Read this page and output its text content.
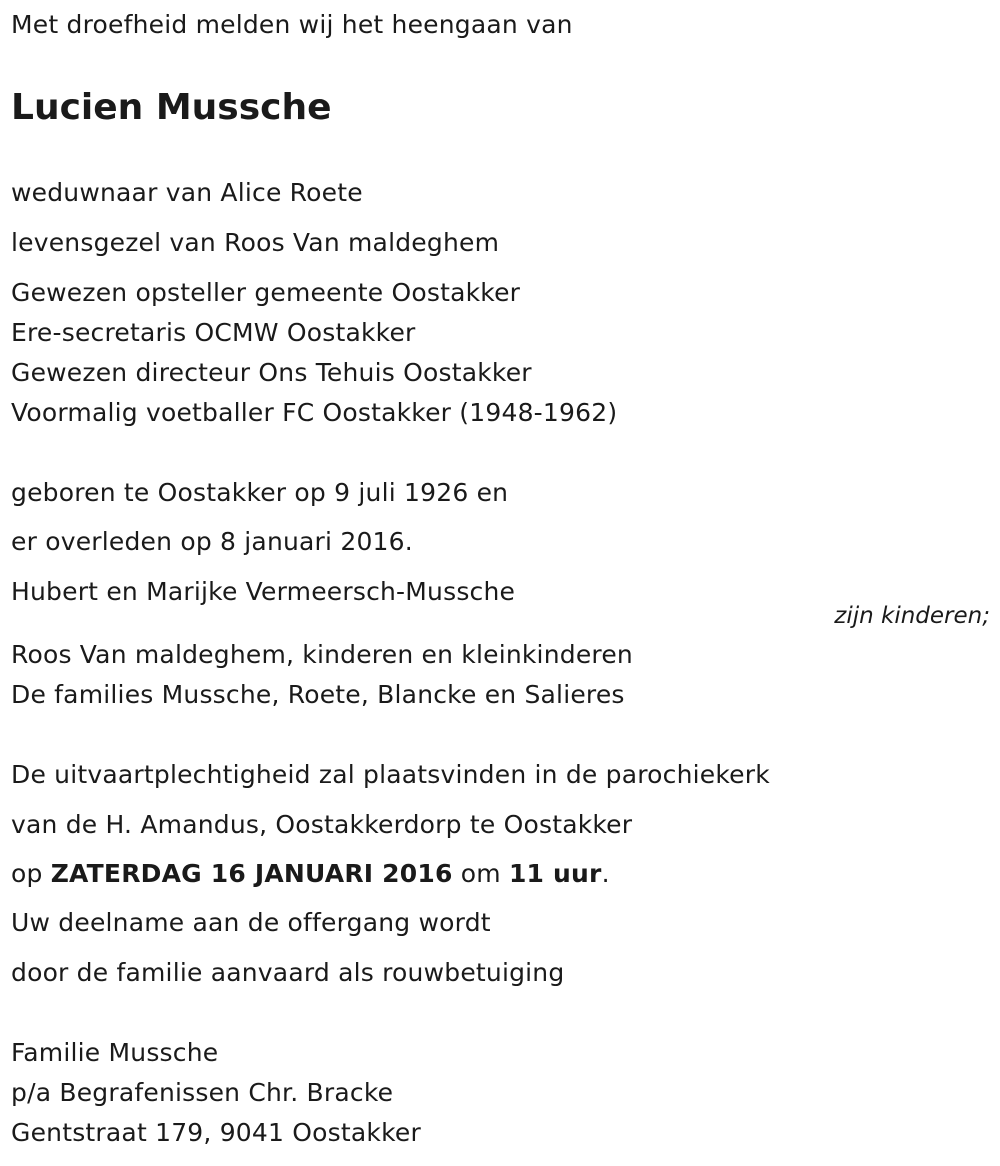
Met droefheid melden wij het heengaan van
Lucien Mussche
weduwnaar van Alice Roete
levensgezel van Roos Van maldeghem
Gewezen opsteller gemeente Oostakker
Ere-secretaris OCMW Oostakker
Gewezen directeur Ons Tehuis Oostakker
Voormalig voetballer FC Oostakker (1948-1962)
geboren te Oostakker op 9 juli 1926 en
er overleden op 8 januari 2016.
Hubert en Marijke Vermeersch-Mussche
zijn kinderen;
Roos Van maldeghem, kinderen en kleinkinderen
De families Mussche, Roete, Blancke en Salieres
De uitvaartplechtigheid zal plaatsvinden in de parochiekerk
van de H. Amandus, Oostakkerdorp te Oostakker
op ZATERDAG 16 JANUARI 2016 om 11 uur.
Uw deelname aan de offergang wordt
door de familie aanvaard als rouwbetuiging
Familie Mussche
p/a Begrafenissen Chr. Bracke
Gentstraat 179, 9041 Oostakker
